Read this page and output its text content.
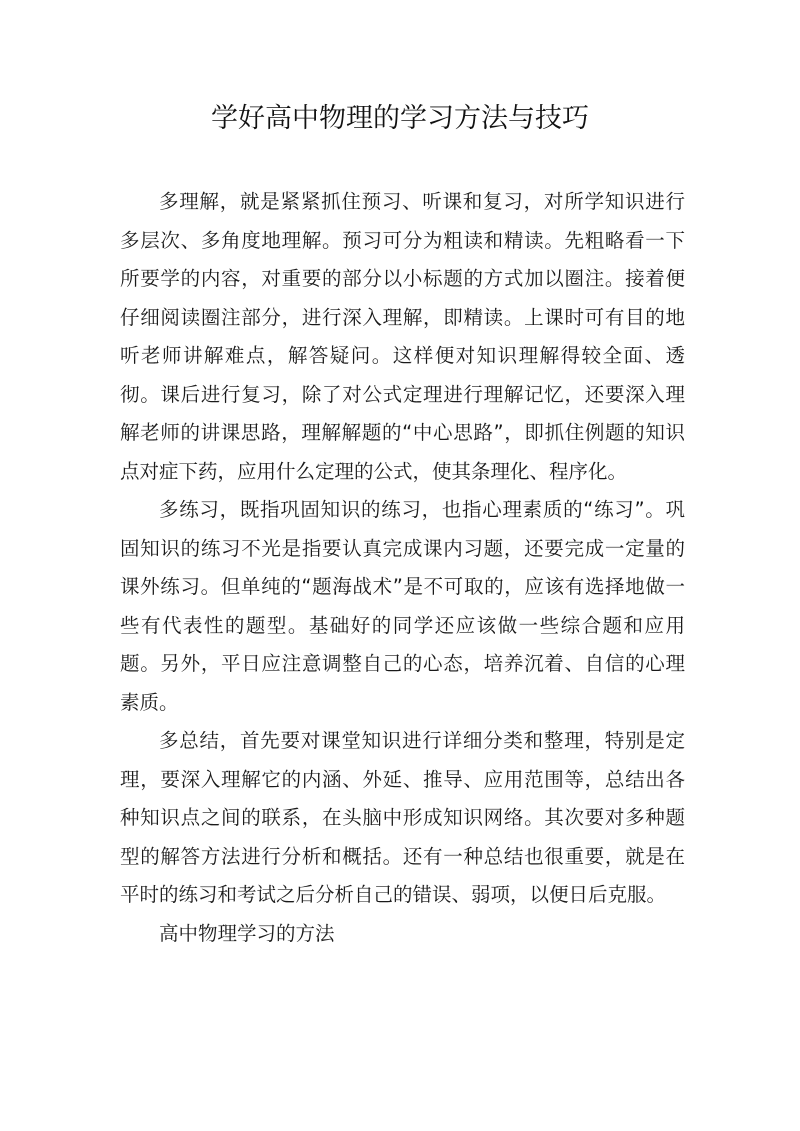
学好高中物理的学习方法与技巧

多理解，就是紧紧抓住预习、听课和复习，对所学知识进行多层次、多角度地理解。预习可分为粗读和精读。先粗略看一下所要学的内容，对重要的部分以小标题的方式加以圈注。接着便仔细阅读圈注部分，进行深入理解，即精读。上课时可有目的地听老师讲解难点，解答疑问。这样便对知识理解得较全面、透彻。课后进行复习，除了对公式定理进行理解记忆，还要深入理解老师的讲课思路，理解解题的“中心思路”，即抓住例题的知识点对症下药，应用什么定理的公式，使其条理化、程序化。

多练习，既指巩固知识的练习，也指心理素质的“练习”。巩固知识的练习不光是指要认真完成课内习题，还要完成一定量的课外练习。但单纯的“题海战术”是不可取的，应该有选择地做一些有代表性的题型。基础好的同学还应该做一些综合题和应用题。另外，平日应注意调整自己的心态，培养沉着、自信的心理素质。

多总结，首先要对课堂知识进行详细分类和整理，特别是定理，要深入理解它的内涵、外延、推导、应用范围等，总结出各种知识点之间的联系，在头脑中形成知识网络。其次要对多种题型的解答方法进行分析和概括。还有一种总结也很重要，就是在平时的练习和考试之后分析自己的错误、弱项，以便日后克服。

高中物理学习的方法
